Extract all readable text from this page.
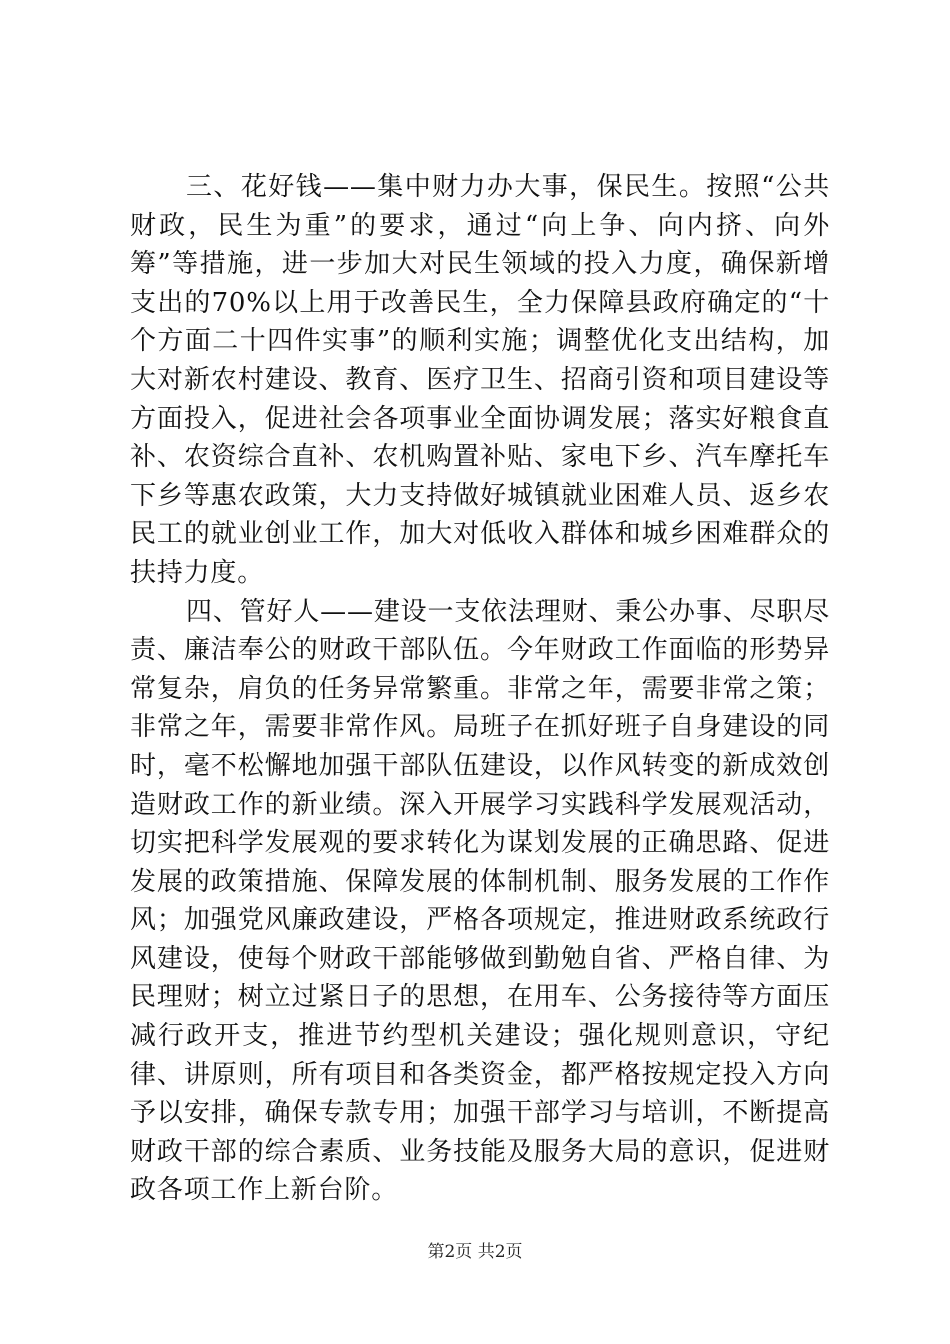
三、花好钱——集中财力办大事，保民生。按照“公共财政，民生为重”的要求，通过“向上争、向内挤、向外筹”等措施，进一步加大对民生领域的投入力度，确保新增支出的70%以上用于改善民生，全力保障县政府确定的“十个方面二十四件实事”的顺利实施；调整优化支出结构，加大对新农村建设、教育、医疗卫生、招商引资和项目建设等方面投入，促进社会各项事业全面协调发展；落实好粮食直补、农资综合直补、农机购置补贴、家电下乡、汽车摩托车下乡等惠农政策，大力支持做好城镇就业困难人员、返乡农民工的就业创业工作，加大对低收入群体和城乡困难群众的扶持力度。

四、管好人——建设一支依法理财、秉公办事、尽职尽责、廉洁奉公的财政干部队伍。今年财政工作面临的形势异常复杂，肩负的任务异常繁重。非常之年，需要非常之策；非常之年，需要非常作风。局班子在抓好班子自身建设的同时，毫不松懈地加强干部队伍建设，以作风转变的新成效创造财政工作的新业绩。深入开展学习实践科学发展观活动，切实把科学发展观的要求转化为谋划发展的正确思路、促进发展的政策措施、保障发展的体制机制、服务发展的工作作风；加强党风廉政建设，严格各项规定，推进财政系统政行风建设，使每个财政干部能够做到勤勉自省、严格自律、为民理财；树立过紧日子的思想，在用车、公务接待等方面压减行政开支，推进节约型机关建设；强化规则意识，守纪律、讲原则，所有项目和各类资金，都严格按规定投入方向予以安排，确保专款专用；加强干部学习与培训，不断提高财政干部的综合素质、业务技能及服务大局的意识，促进财政各项工作上新台阶。

第2页 共2页
